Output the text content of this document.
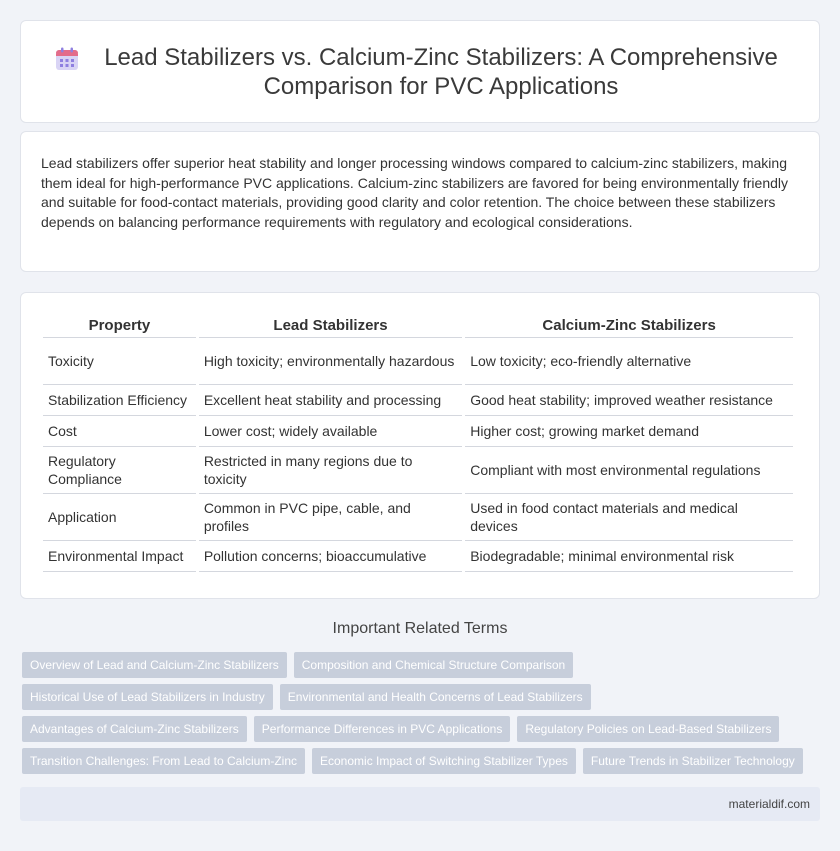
Lead Stabilizers vs. Calcium-Zinc Stabilizers: A Comprehensive Comparison for PVC Applications

Lead stabilizers offer superior heat stability and longer processing windows compared to calcium-zinc stabilizers, making them ideal for high-performance PVC applications. Calcium-zinc stabilizers are favored for being environmentally friendly and suitable for food-contact materials, providing good clarity and color retention. The choice between these stabilizers depends on balancing performance requirements with regulatory and ecological considerations.

Property	Lead Stabilizers	Calcium-Zinc Stabilizers
Toxicity	High toxicity; environmentally hazardous	Low toxicity; eco-friendly alternative
Stabilization Efficiency	Excellent heat stability and processing	Good heat stability; improved weather resistance
Cost	Lower cost; widely available	Higher cost; growing market demand
Regulatory Compliance	Restricted in many regions due to toxicity	Compliant with most environmental regulations
Application	Common in PVC pipe, cable, and profiles	Used in food contact materials and medical devices
Environmental Impact	Pollution concerns; bioaccumulative	Biodegradable; minimal environmental risk
Important Related Terms
Overview of Lead and Calcium-Zinc Stabilizers	Composition and Chemical Structure Comparison
Historical Use of Lead Stabilizers in Industry	Environmental and Health Concerns of Lead Stabilizers
Advantages of Calcium-Zinc Stabilizers	Performance Differences in PVC Applications	Regulatory Policies on Lead-Based Stabilizers
Transition Challenges: From Lead to Calcium-Zinc	Economic Impact of Switching Stabilizer Types	Future Trends in Stabilizer Technology
materialdif.com
